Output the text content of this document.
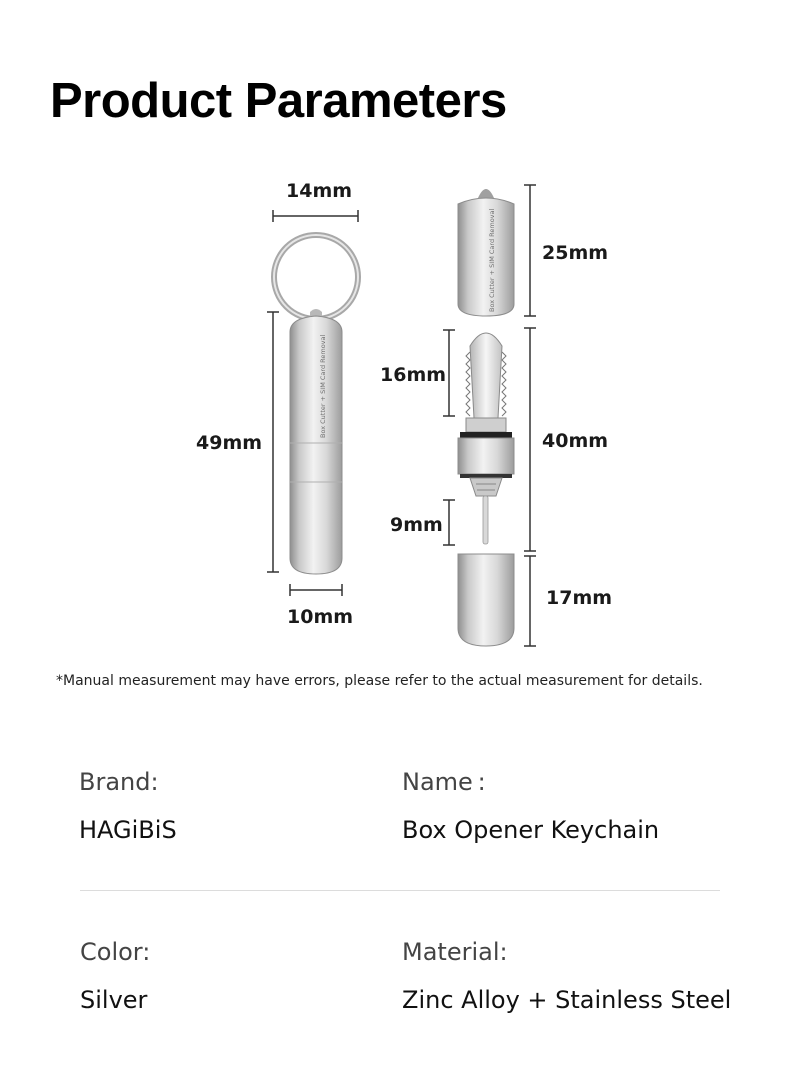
Product Parameters
Box Cutter + SIM Card Removal
14mm
49mm
10mm
Box Cutter + SIM Card Removal 25mm
16mm
40mm
9mm
17mm
*Manual measurement may have errors, please refer to the actual measurement for details.
Brand:
HAGiBiS
Name :
Box Opener Keychain
Color:
Silver
Material:
Zinc Alloy + Stainless Steel
